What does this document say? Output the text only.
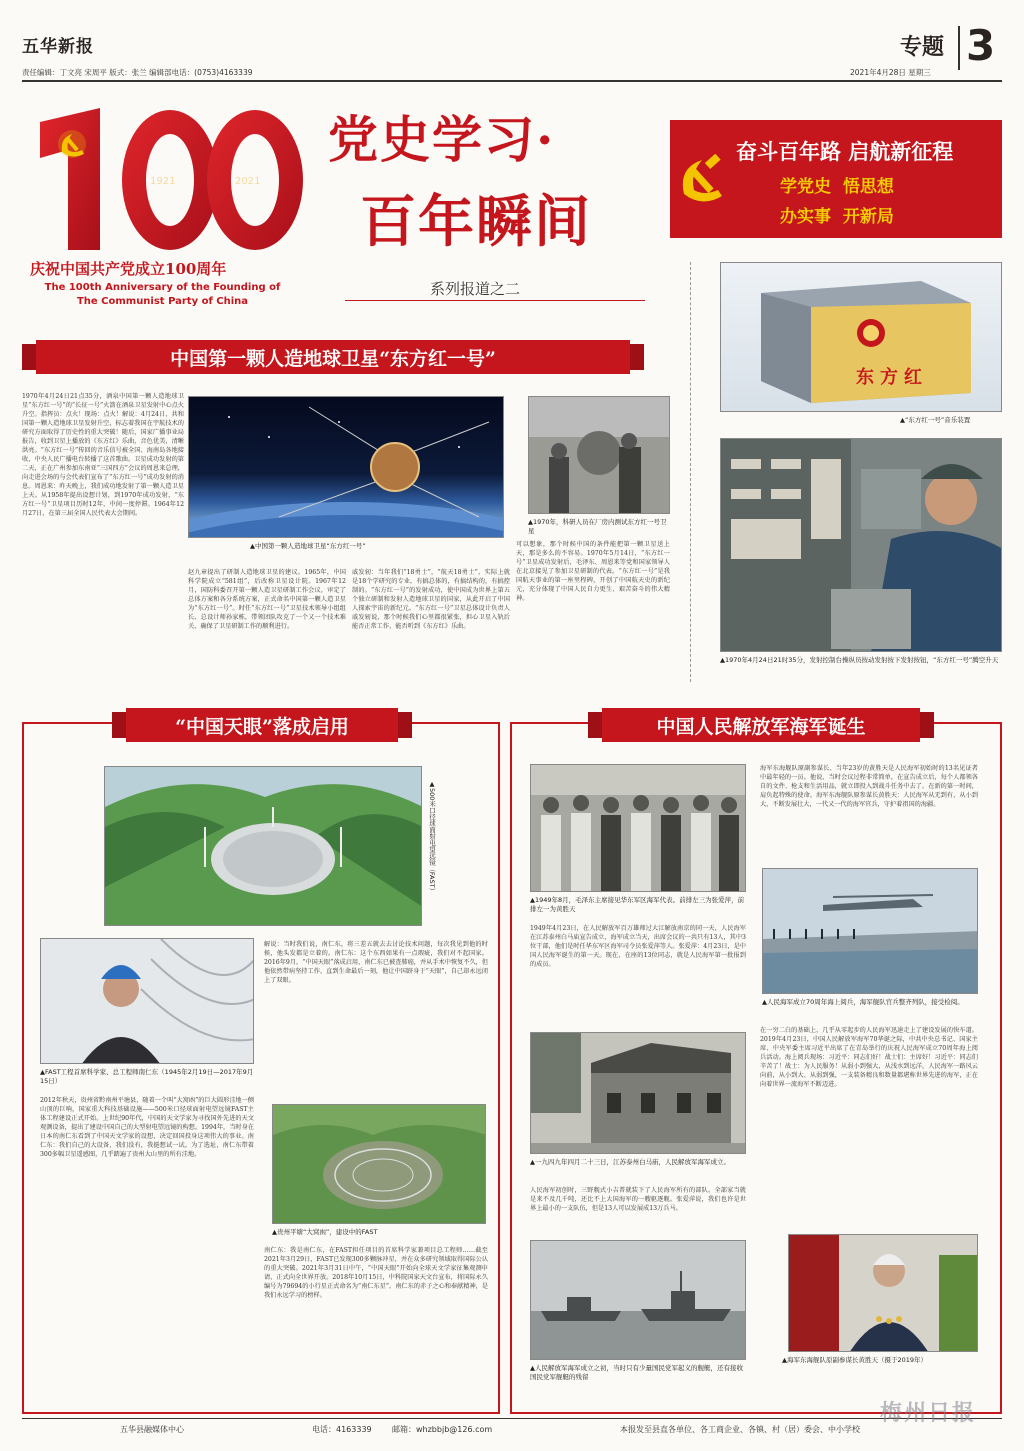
五华新报	专题 3
责任编辑：丁文亮 宋周平 版式：张兰 编辑部电话：(0753)4163339	2021年4月28日 星期三
1921	2021
庆祝中国共产党成立100周年
The 100th Anniversary of the Founding of
The Communist Party of China
党史学习·
百年瞬间
系列报道之二
奋斗百年路 启航新征程
学党史  悟思想
办实事  开新局
中国第一颗人造地球卫星“东方红一号”
1970年4月24日21点35分，酒泉中国第一颗人造地球卫星“东方红一号”的“长征一号”火箭在酒泉卫星发射中心点火升空。指挥员：点火！现场：点火！解说：4月24日，共和国第一颗人造地球卫星发射升空，标志着我国在宇航技术的研究方面取得了历史性的重大突破！随后，国家广播事业局报告，收到卫星上播放的《东方红》乐曲，音色优美，清晰洪亮。“东方红一号”传回的音乐信号被全国、海南岛各地接收，中央人民广播电台转播了这首歌曲。卫星成功发射的第二天，正在广州参加东南亚“三国四方”会议的周恩来总理，向走进会场的与会代表们宣布了“东方红一号”成功发射的消息。周恩来：昨天晚上，我们成功地发射了第一颗人造卫星上天。从1958年提出设想计划，到1970年成功发射，“东方红一号”卫星项目历时12年，中间一度停滞。1964年12月27日，在第三届全国人民代表大会期间。
▲中国第一颗人造地球卫星“东方红一号”
▲1970年，科研人员在厂房内测试东方红一号卫星
赵九章提出了研制人造地球卫星的建议。1965年，中国科学院成立“581组”，后改称卫星设计院。1967年12月，国防科委召开第一颗人造卫星研制工作会议，审定了总体方案和各分系统方案，正式命名中国第一颗人造卫星为“东方红一号”。时任“东方红一号”卫星技术领导小组组长、总设计师孙家栋，带领团队攻克了一个又一个技术难关，确保了卫星研制工作的顺利进行。
戚发轫：当年我们“18勇士”，“航天18勇士”，实际上就是18个学研究的专业，有搞总体的，有搞结构的，有搞控制的。“东方红一号”的发射成功，使中国成为世界上第五个独立研制和发射人造地球卫星的国家，从此开启了中国人探索宇宙的新纪元。“东方红一号”卫星总体设计负责人戚发轫说，那个时候我们心里都很紧张，担心卫星入轨后能否正常工作，能否听到《东方红》乐曲。
可以想象，那个时候中国的条件能把第一颗卫星送上天，那是多么的不容易。1970年5月14日，“东方红一号”卫星成功发射后，毛泽东、周恩来等党和国家领导人在北京接见了参加卫星研制的代表。“东方红一号”是我国航天事业的第一座里程碑，开创了中国航天史的新纪元，充分体现了中国人民自力更生、艰苦奋斗的伟大精神。
东方红
▲“东方红一号”音乐装置
▲1970年4月24日21时35分，发射控制台操纵员按动发射按下发射按钮，“东方红一号”腾空升天
“中国天眼”落成启用
▲500米口径球面射电望远镜（FAST）
▲FAST工程首席科学家、总工程师南仁东（1945年2月19日—2017年9月15日）
2012年秋天，贵州省黔南州平塘县，随着一个叫“大窝凼”的巨大圆形洼地一侧山顶的巨响，国家重大科技基础设施——500米口径球面射电望远镜FAST主体工程建设正式开始。上世纪90年代，中国的天文学家为寻找国外先进的天文观测设备，提出了建设中国自己的大型射电望远镜的构想。1994年，当时身在日本的南仁东看到了中国天文学家的设想，决定回国投身这项伟大的事业。南仁东：我们自己的大设备，我们没有，我挺想试一试。为了选址，南仁东带着300多幅卫星遥感图，几乎踏遍了贵州大山里的所有洼地。
解说：当时我们说，南仁东，将三差五就去去讨论技术问题，每次我见到他的时候，他头发都是立着的。南仁东：这个东西如果有一点瑕疵，我们对不起国家。2016年9月，“中国天眼”落成启用，南仁东已被查肺癌，并从手术中恢复不久，但他依然带病坚持工作，直到生命最后一刻，他让中国跻身于“天眼”，自己却永远闭上了双眼。
▲贵州平塘“大窝凼”，建设中的FAST
南仁东：我是南仁东，在FAST担任项目的首席科学家兼项目总工程师……截至2021年3月29日，FAST已发现300多颗脉冲星，并在众多研究领域取得国际公认的重大突破。2021年3月31日中午，“中国天眼”开始向全球天文学家征集观测申请，正式向全世界开放。2018年10月15日，中科院国家天文台宣布，将国际永久编号为79694的小行星正式命名为“南仁东星”。南仁东的赤子之心和奉献精神，是我们永远学习的榜样。
中国人民解放军海军诞生
▲1949年8月，毛泽东主席接见华东军区海军代表。前排左三为张爱萍，前排左一为黄胜天
1949年4月23日，在人民解放军百万雄师过大江解放南京的同一天，人民海军在江苏泰州白马庙宣告成立，海军成立当天，出席会议的一共只有13人，其中3位干部，他们是时任华东军区海军司令员张爱萍等人。张爱萍：4月23日，是中国人民海军诞生的第一天。现在，在座的13位同志，就是人民海军第一批报到的成员。
▲一九四九年四月二十三日，江苏泰州白马庙，人民解放军海军成立。
人民海军初创时，三野舰式小吉普就装下了人民海军所有的部队。全部家当就是来不及几千吨，还比不上大国海军的一艘驱逐舰。张爱萍说，我们也许是世界上最小的一支队伍，但是13人可以发展成13万兵马。
▲人民解放军海军成立之初，当时只有少量国民党军起义的舰艇，还有接收国民党军舰艇的残留
海军东海舰队原副参谋长、当年23岁的黄胜天是人民海军初始时的13名见证者中最年轻的一员。他说，当时会议过程非常简单，在宣告成立后，每个人都领各自的文件、枪支和生活用品，就立即投入到战斗任务中去了。在新的第一时间，肩负起特殊的使命。海军东海舰队原参谋长黄胜天：人民海军从无到有，从小到大，不断发展壮大，一代又一代的海军官兵，守护着祖国的海疆。
▲人民海军成立70周年海上阅兵，海军舰队官兵整齐列队，接受检阅。
在一穷二白的基础上，几乎从零起步的人民海军迅速走上了建设发展的快车道。2019年4月23日，中国人民解放军海军70华诞之际，中共中央总书记、国家主席、中央军委主席习近平出席了在青岛举行的庆祝人民海军成立70周年海上阅兵活动。海上阅兵现场：习近平：同志们好！战士们：主席好！习近平：同志们辛苦了！战士：为人民服务！从弱小到强大，从浅水到远洋，人民海军一路风云向前，从小到大、从弱到强，一支装备精良和数量都堪称世界先进的海军，正在向着世界一流海军不断迈进。
▲海军东海舰队原副参谋长黄胜天（摄于2019年）
五华县融媒体中心	电话：4163339	邮箱：whzbbjb@126.com	本报发至县直各单位、各工商企业、各镇、村（居）委会、中小学校
梅州日报
